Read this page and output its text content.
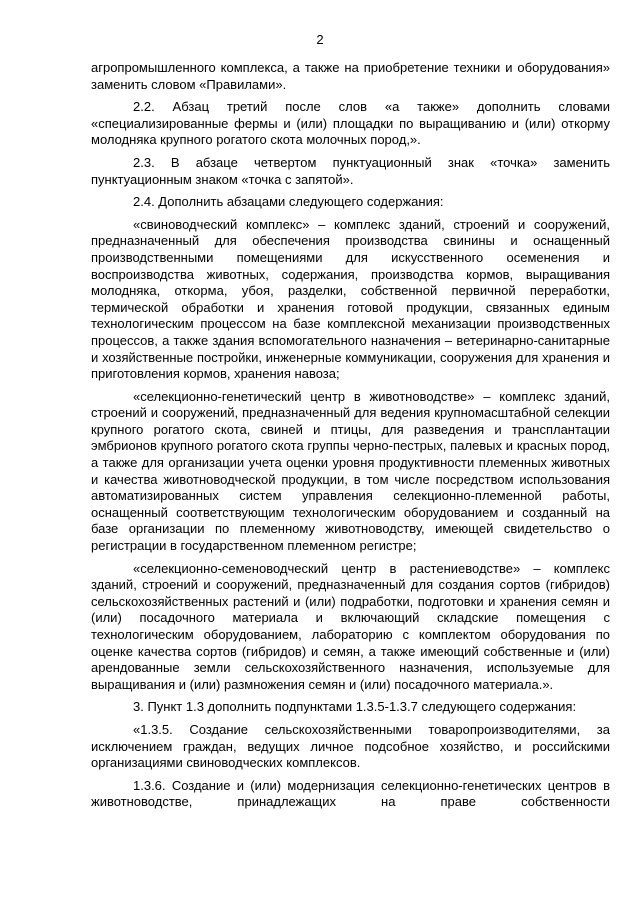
2

агропромышленного комплекса, а также на приобретение техники и оборудования» заменить словом «Правилами».

2.2. Абзац третий после слов «а также» дополнить словами «специализированные фермы и (или) площадки по выращиванию и (или) откорму молодняка крупного рогатого скота молочных пород,».

2.3. В абзаце четвертом пунктуационный знак «точка» заменить пунктуационным знаком «точка с запятой».

2.4. Дополнить абзацами следующего содержания:

«свиноводческий комплекс» – комплекс зданий, строений и сооружений, предназначенный для обеспечения производства свинины и оснащенный производственными помещениями для искусственного осеменения и воспроизводства животных, содержания, производства кормов, выращивания молодняка, откорма, убоя, разделки, собственной первичной переработки, термической обработки и хранения готовой продукции, связанных единым технологическим процессом на базе комплексной механизации производственных процессов, а также здания вспомогательного назначения – ветеринарно-санитарные и хозяйственные постройки, инженерные коммуникации, сооружения для хранения и приготовления кормов, хранения навоза;

«селекционно-генетический центр в животноводстве» – комплекс зданий, строений и сооружений, предназначенный для ведения крупномасштабной селекции крупного рогатого скота, свиней и птицы, для разведения и трансплантации эмбрионов крупного рогатого скота группы черно-пестрых, палевых и красных пород, а также для организации учета оценки уровня продуктивности племенных животных и качества животноводческой продукции, в том числе посредством использования автоматизированных систем управления селекционно-племенной работы, оснащенный соответствующим технологическим оборудованием и созданный на базе организации по племенному животноводству, имеющей свидетельство о регистрации в государственном племенном регистре;

«селекционно-семеноводческий центр в растениеводстве» – комплекс зданий, строений и сооружений, предназначенный для создания сортов (гибридов) сельскохозяйственных растений и (или) подработки, подготовки и хранения семян и (или) посадочного материала и включающий складские помещения с технологическим оборудованием, лабораторию с комплектом оборудования по оценке качества сортов (гибридов) и семян, а также имеющий собственные и (или) арендованные земли сельскохозяйственного назначения, используемые для выращивания и (или) размножения семян и (или) посадочного материала.».

3. Пункт 1.3 дополнить подпунктами 1.3.5-1.3.7 следующего содержания:

«1.3.5. Создание сельскохозяйственными товаропроизводителями, за исключением граждан, ведущих личное подсобное хозяйство, и российскими организациями свиноводческих комплексов.

1.3.6. Создание и (или) модернизация селекционно-генетических центров в животноводстве, принадлежащих на праве собственности
